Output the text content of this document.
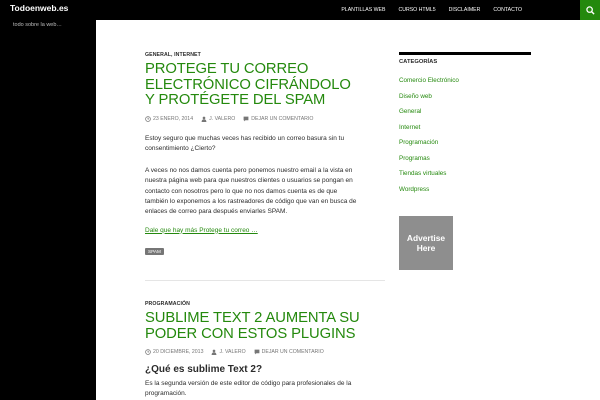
Todoenweb.es	PLANTILLAS WEB	CURSO HTML5	DISCLAIMER	CONTACTO
todo sobre la web…
GENERAL, INTERNET
PROTEGE TU CORREO ELECTRÓNICO CIFRÁNDOLO Y PROTÉGETE DEL SPAM
23 ENERO, 2014	J. VALERO	DEJAR UN COMENTARIO

Estoy seguro que muchas veces has recibido un correo basura sin tu consentimiento ¿Cierto?

A veces no nos damos cuenta pero ponemos nuestro email a la vista en nuestra página web para que nuestros clientes o usuarios se pongan en contacto con nosotros pero lo que no nos damos cuenta es de que también lo exponemos a los rastreadores de código que van en busca de enlaces de correo para después enviarles SPAM.

Dale que hay más Protege tu correo …
SPAM
PROGRAMACIÓN
SUBLIME TEXT 2 AUMENTA SU PODER CON ESTOS PLUGINS
20 DICIEMBRE, 2013	J. VALERO	DEJAR UN COMENTARIO
¿Qué es sublime Text 2?

Es la segunda versión de este editor de código para profesionales de la programación.

CATEGORÍAS
Comercio Electrónico
Diseño web
General
Internet
Programación
Programas
Tiendas virtuales
Wordpress
Advertise
Here
